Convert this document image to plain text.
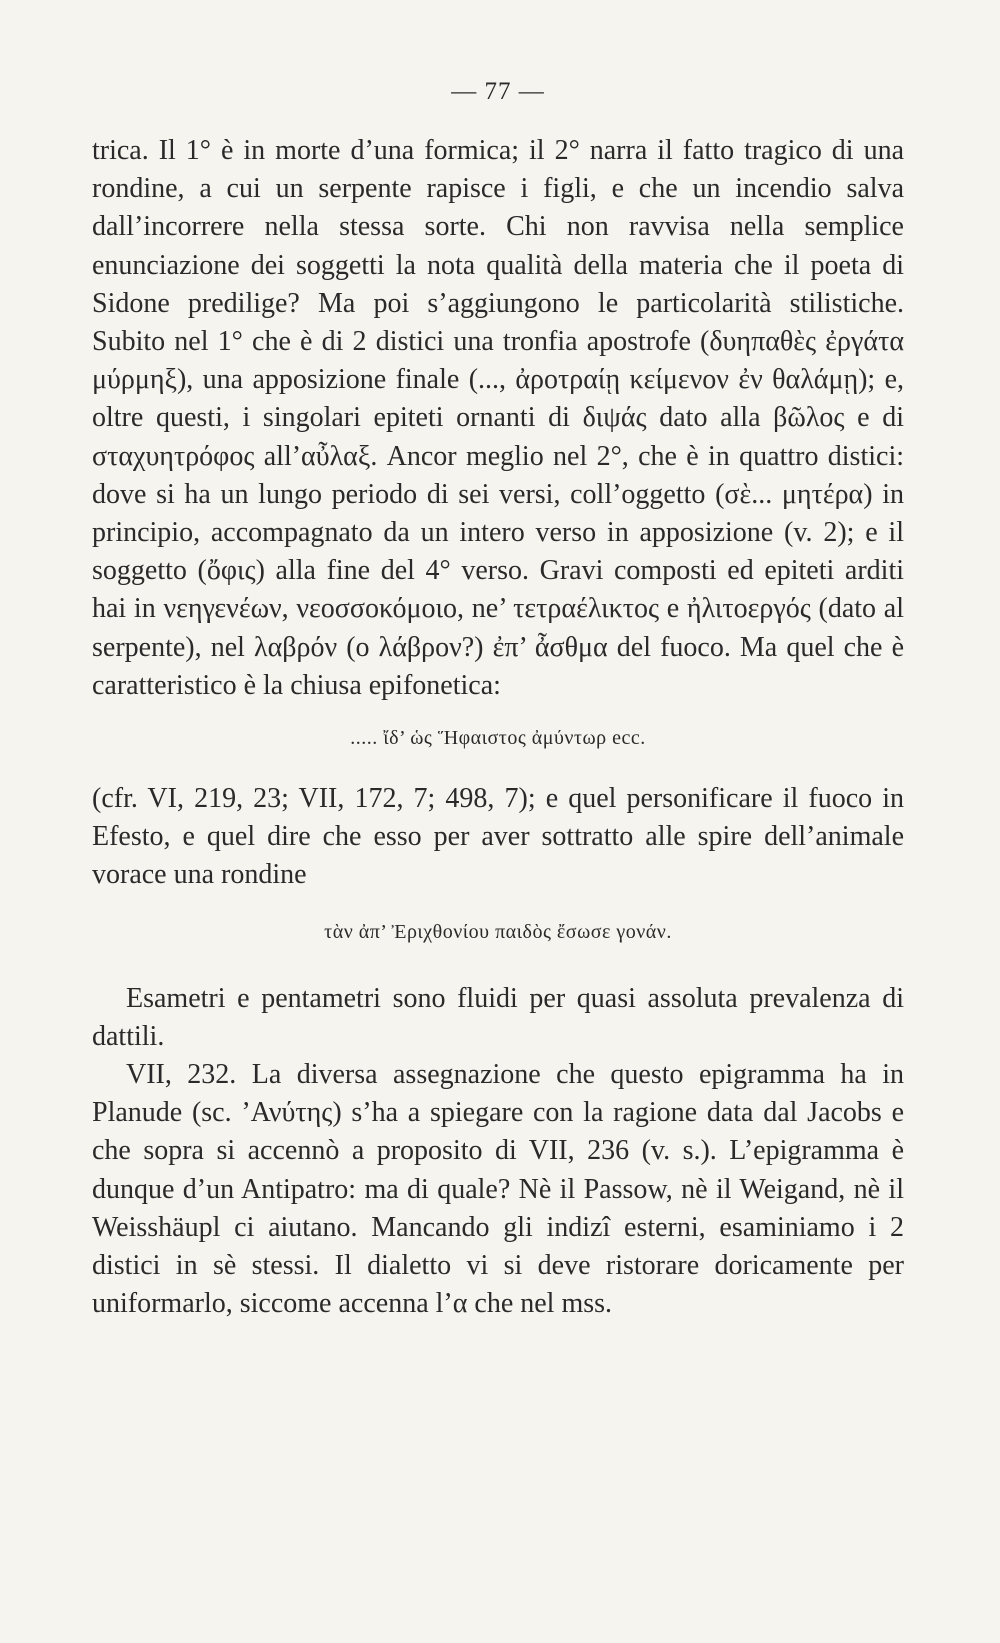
— 77 —

trica. Il 1° è in morte d’una formica; il 2° narra il fatto tragico di una rondine, a cui un serpente rapisce i figli, e che un incendio salva dall’incorrere nella stessa sorte. Chi non ravvisa nella semplice enunciazione dei soggetti la nota qualità della materia che il poeta di Sidone predilige? Ma poi s’aggiungono le particolarità stilistiche. Subito nel 1° che è di 2 distici una tronfia apostrofe (δυηπαθὲς ἐργάτα μύρμηξ), una apposizione finale (..., ἀροτραίῃ κείμενον ἐν θαλάμῃ); e, oltre questi, i singolari epiteti ornanti di διψάς dato alla βῶλος e di σταχυητρόφος all’αὖλαξ. Ancor meglio nel 2°, che è in quattro distici: dove si ha un lungo periodo di sei versi, coll’oggetto (σὲ... μητέρα) in principio, accompagnato da un intero verso in apposizione (v. 2); e il soggetto (ὄφις) alla fine del 4° verso. Gravi composti ed epiteti arditi hai in νεηγενέων, νεοσσοκόμοιο, ne’ τετραέλικτος e ἠλιτοεργός (dato al serpente), nel λαβρόν (o λάβρον?) ἐπ’ ἆσθμα del fuoco. Ma quel che è caratteristico è la chiusa epifonetica:

..... ἴδ’ ὡς Ἥφαιστος ἀμύντωρ ecc.

(cfr. VI, 219, 23; VII, 172, 7; 498, 7); e quel personificare il fuoco in Efesto, e quel dire che esso per aver sottratto alle spire dell’animale vorace una rondine

τὰν ἀπ’ Ἐριχθονίου παιδὸς ἔσωσε γονάν.

Esametri e pentametri sono fluidi per quasi assoluta prevalenza di dattili.

VII, 232. La diversa assegnazione che questo epigramma ha in Planude (sc. ’Ανύτης) s’ha a spiegare con la ragione data dal Jacobs e che sopra si accennò a proposito di VII, 236 (v. s.). L’epigramma è dunque d’un Antipatro: ma di quale? Nè il Passow, nè il Weigand, nè il Weisshäupl ci aiutano. Mancando gli indizî esterni, esaminiamo i 2 distici in sè stessi. Il dialetto vi si deve ristorare doricamente per uniformarlo, siccome accenna l’α che nel mss.
